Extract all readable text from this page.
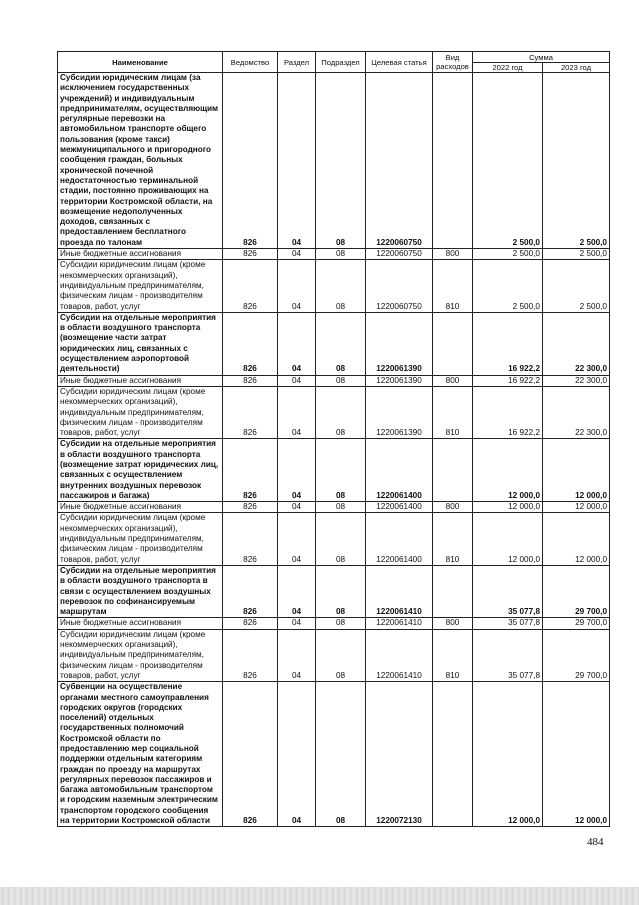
Наименование	Ведомство	Раздел	Подраздел	Целевая статья	Вид расходов	Сумма	
						2022 год	2023 год
Субсидии юридическим лицам (за исключением государственных учреждений) и индивидуальным предпринимателям, осуществляющим регулярные перевозки на автомобильном транспорте общего пользования (кроме такси) межмуниципального и пригородного сообщения граждан, больных хронической почечной недостаточностью терминальной стадии, постоянно проживающих на территории Костромской области, на возмещение недополученных доходов, связанных с предоставлением бесплатного проезда по талонам	826	04	08	1220060750		2 500,0	2 500,0
Иные бюджетные ассигнования	826	04	08	1220060750	800	2 500,0	2 500,0
Субсидии юридическим лицам (кроме некоммерческих организаций), индивидуальным предпринимателям, физическим лицам - производителям товаров, работ, услуг	826	04	08	1220060750	810	2 500,0	2 500,0
Субсидии на отдельные мероприятия в области воздушного транспорта (возмещение части затрат юридических лиц, связанных с осуществлением аэропортовой деятельности)	826	04	08	1220061390		16 922,2	22 300,0
Иные бюджетные ассигнования	826	04	08	1220061390	800	16 922,2	22 300,0
Субсидии юридическим лицам (кроме некоммерческих организаций), индивидуальным предпринимателям, физическим лицам - производителям товаров, работ, услуг	826	04	08	1220061390	810	16 922,2	22 300,0
Субсидии на отдельные мероприятия в области воздушного транспорта (возмещение затрат юридических лиц, связанных с осуществлением внутренних воздушных перевозок пассажиров и багажа)	826	04	08	1220061400		12 000,0	12 000,0
Иные бюджетные ассигнования	826	04	08	1220061400	800	12 000,0	12 000,0
Субсидии юридическим лицам (кроме некоммерческих организаций), индивидуальным предпринимателям, физическим лицам - производителям товаров, работ, услуг	826	04	08	1220061400	810	12 000,0	12 000,0
Субсидии на отдельные мероприятия в области воздушного транспорта в связи с осуществлением воздушных перевозок по софинансируемым маршрутам	826	04	08	1220061410		35 077,8	29 700,0
Иные бюджетные ассигнования	826	04	08	1220061410	800	35 077,8	29 700,0
Субсидии юридическим лицам (кроме некоммерческих организаций), индивидуальным предпринимателям, физическим лицам - производителям товаров, работ, услуг	826	04	08	1220061410	810	35 077,8	29 700,0
Субвенции на осуществление органами местного самоуправления городских округов (городских поселений) отдельных государственных полномочий Костромской области по предоставлению мер социальной поддержки отдельным категориям граждан по проезду на маршрутах регулярных перевозок пассажиров и багажа автомобильным транспортом и городским наземным электрическим транспортом городского сообщения на территории Костромской области	826	04	08	1220072130		12 000,0	12 000,0
484
